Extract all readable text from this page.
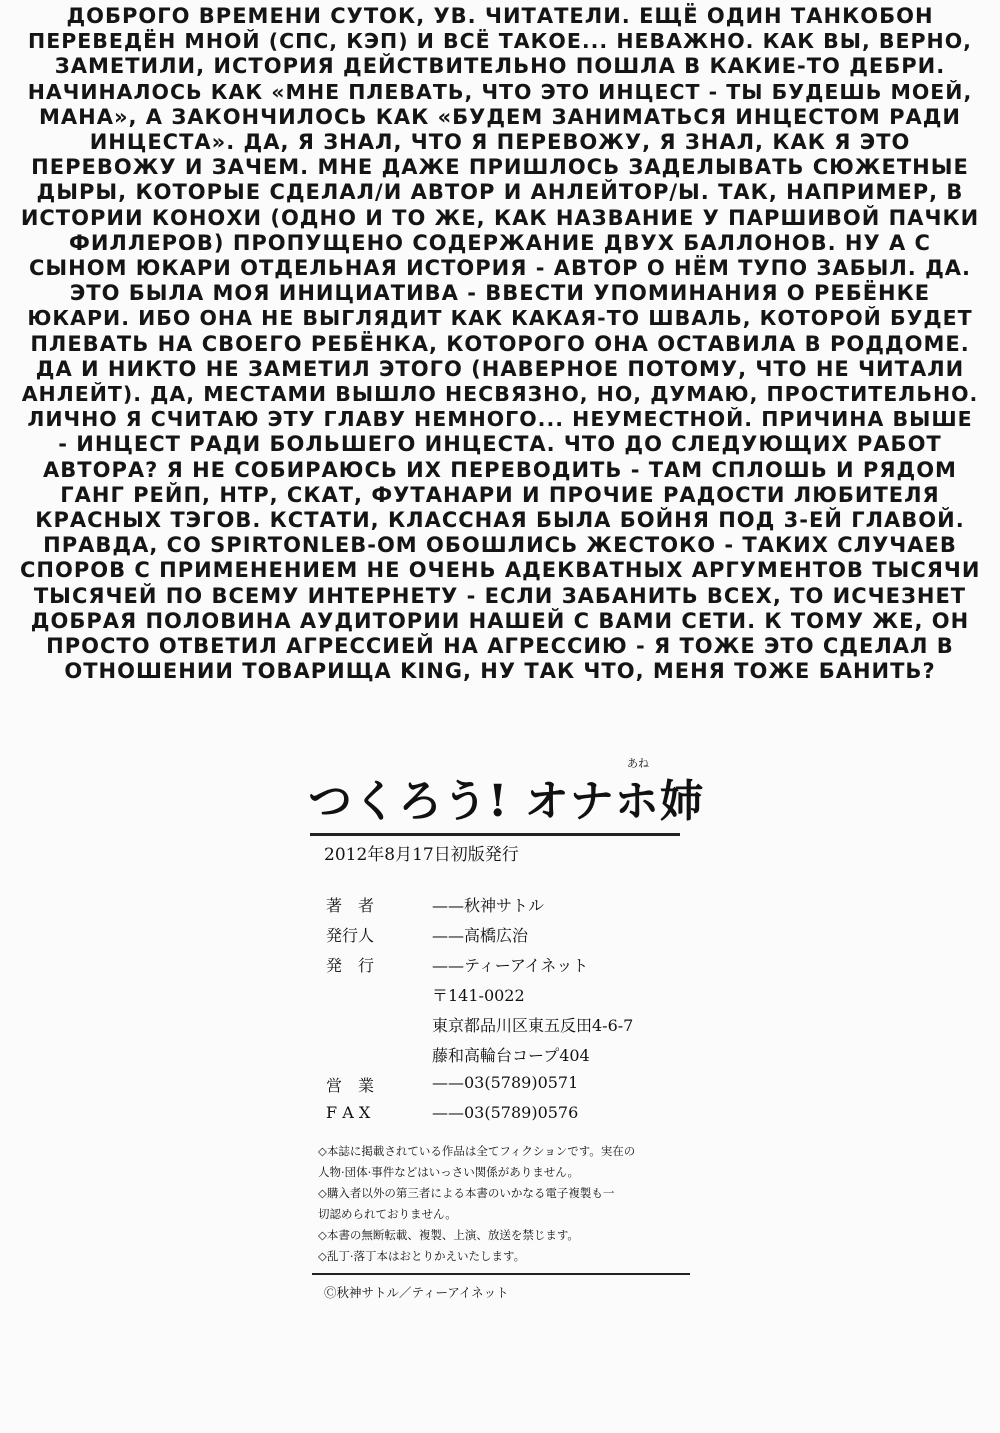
ДОБРОГО ВРЕМЕНИ СУТОК, УВ. ЧИТАТЕЛИ. ЕЩЁ ОДИН ТАНКОБОН
ПЕРЕВЕДЁН МНОЙ (СПС, КЭП) И ВСЁ ТАКОЕ... НЕВАЖНО. КАК ВЫ, ВЕРНО,
ЗАМЕТИЛИ, ИСТОРИЯ ДЕЙСТВИТЕЛЬНО ПОШЛА В КАКИЕ-ТО ДЕБРИ.
НАЧИНАЛОСЬ КАК «МНЕ ПЛЕВАТЬ, ЧТО ЭТО ИНЦЕСТ - ТЫ БУДЕШЬ МОЕЙ,
МАНА», А ЗАКОНЧИЛОСЬ КАК «БУДЕМ ЗАНИМАТЬСЯ ИНЦЕСТОМ РАДИ
ИНЦЕСТА». ДА, Я ЗНАЛ, ЧТО Я ПЕРЕВОЖУ, Я ЗНАЛ, КАК Я ЭТО
ПЕРЕВОЖУ И ЗАЧЕМ. МНЕ ДАЖЕ ПРИШЛОСЬ ЗАДЕЛЫВАТЬ СЮЖЕТНЫЕ
ДЫРЫ, КОТОРЫЕ СДЕЛАЛ/И АВТОР И АНЛЕЙТОР/Ы. ТАК, НАПРИМЕР, В
ИСТОРИИ КОНОХИ (ОДНО И ТО ЖЕ, КАК НАЗВАНИЕ У ПАРШИВОЙ ПАЧКИ
ФИЛЛЕРОВ) ПРОПУЩЕНО СОДЕРЖАНИЕ ДВУХ БАЛЛОНОВ. НУ А С
СЫНОМ ЮКАРИ ОТДЕЛЬНАЯ ИСТОРИЯ - АВТОР О НЁМ ТУПО ЗАБЫЛ. ДА.
ЭТО БЫЛА МОЯ ИНИЦИАТИВА - ВВЕСТИ УПОМИНАНИЯ О РЕБЁНКЕ
ЮКАРИ. ИБО ОНА НЕ ВЫГЛЯДИТ КАК КАКАЯ-ТО ШВАЛЬ, КОТОРОЙ БУДЕТ
ПЛЕВАТЬ НА СВОЕГО РЕБЁНКА, КОТОРОГО ОНА ОСТАВИЛА В РОДДОМЕ.
ДА И НИКТО НЕ ЗАМЕТИЛ ЭТОГО (НАВЕРНОЕ ПОТОМУ, ЧТО НЕ ЧИТАЛИ
АНЛЕЙТ). ДА, МЕСТАМИ ВЫШЛО НЕСВЯЗНО, НО, ДУМАЮ, ПРОСТИТЕЛЬНО.
ЛИЧНО Я СЧИТАЮ ЭТУ ГЛАВУ НЕМНОГО... НЕУМЕСТНОЙ. ПРИЧИНА ВЫШЕ
- ИНЦЕСТ РАДИ БОЛЬШЕГО ИНЦЕСТА. ЧТО ДО СЛЕДУЮЩИХ РАБОТ
АВТОРА? Я НЕ СОБИРАЮСЬ ИХ ПЕРЕВОДИТЬ - ТАМ СПЛОШЬ И РЯДОМ
ГАНГ РЕЙП, НТР, СКАТ, ФУТАНАРИ И ПРОЧИЕ РАДОСТИ ЛЮБИТЕЛЯ
КРАСНЫХ ТЭГОВ. КСТАТИ, КЛАССНАЯ БЫЛА БОЙНЯ ПОД 3-ЕЙ ГЛАВОЙ.
ПРАВДА, СО SPIRTONLEB-ОМ ОБОШЛИСЬ ЖЕСТОКО - ТАКИХ СЛУЧАЕВ
СПОРОВ С ПРИМЕНЕНИЕМ НЕ ОЧЕНЬ АДЕКВАТНЫХ АРГУМЕНТОВ ТЫСЯЧИ
ТЫСЯЧЕЙ ПО ВСЕМУ ИНТЕРНЕТУ - ЕСЛИ ЗАБАНИТЬ ВСЕХ, ТО ИСЧЕЗНЕТ
ДОБРАЯ ПОЛОВИНА АУДИТОРИИ НАШЕЙ С ВАМИ СЕТИ. К ТОМУ ЖЕ, ОН
ПРОСТО ОТВЕТИЛ АГРЕССИЕЙ НА АГРЕССИЮ - Я ТОЖЕ ЭТО СДЕЛАЛ В
ОТНОШЕНИИ ТОВАРИЩА KING, НУ ТАК ЧТО, МЕНЯ ТОЖЕ БАНИТЬ?
あね
つくろう! オナホ姉
2012年8月17日初版発行
著　者	——秋神サトル
発行人	——高橋広治
発　行	——ティーアイネット
〒141-0022
東京都品川区東五反田4-6-7
藤和高輪台コープ404
営　業	——03(5789)0571
F A X	——03(5789)0576
◇本誌に掲載されている作品は全てフィクションです。実在の
人物·団体·事件などはいっさい関係がありません。
◇購入者以外の第三者による本書のいかなる電子複製も一
切認められておりません。
◇本書の無断転載、複製、上演、放送を禁じます。
◇乱丁·落丁本はおとりかえいたします。
Ⓒ秋神サトル／ティーアイネット
